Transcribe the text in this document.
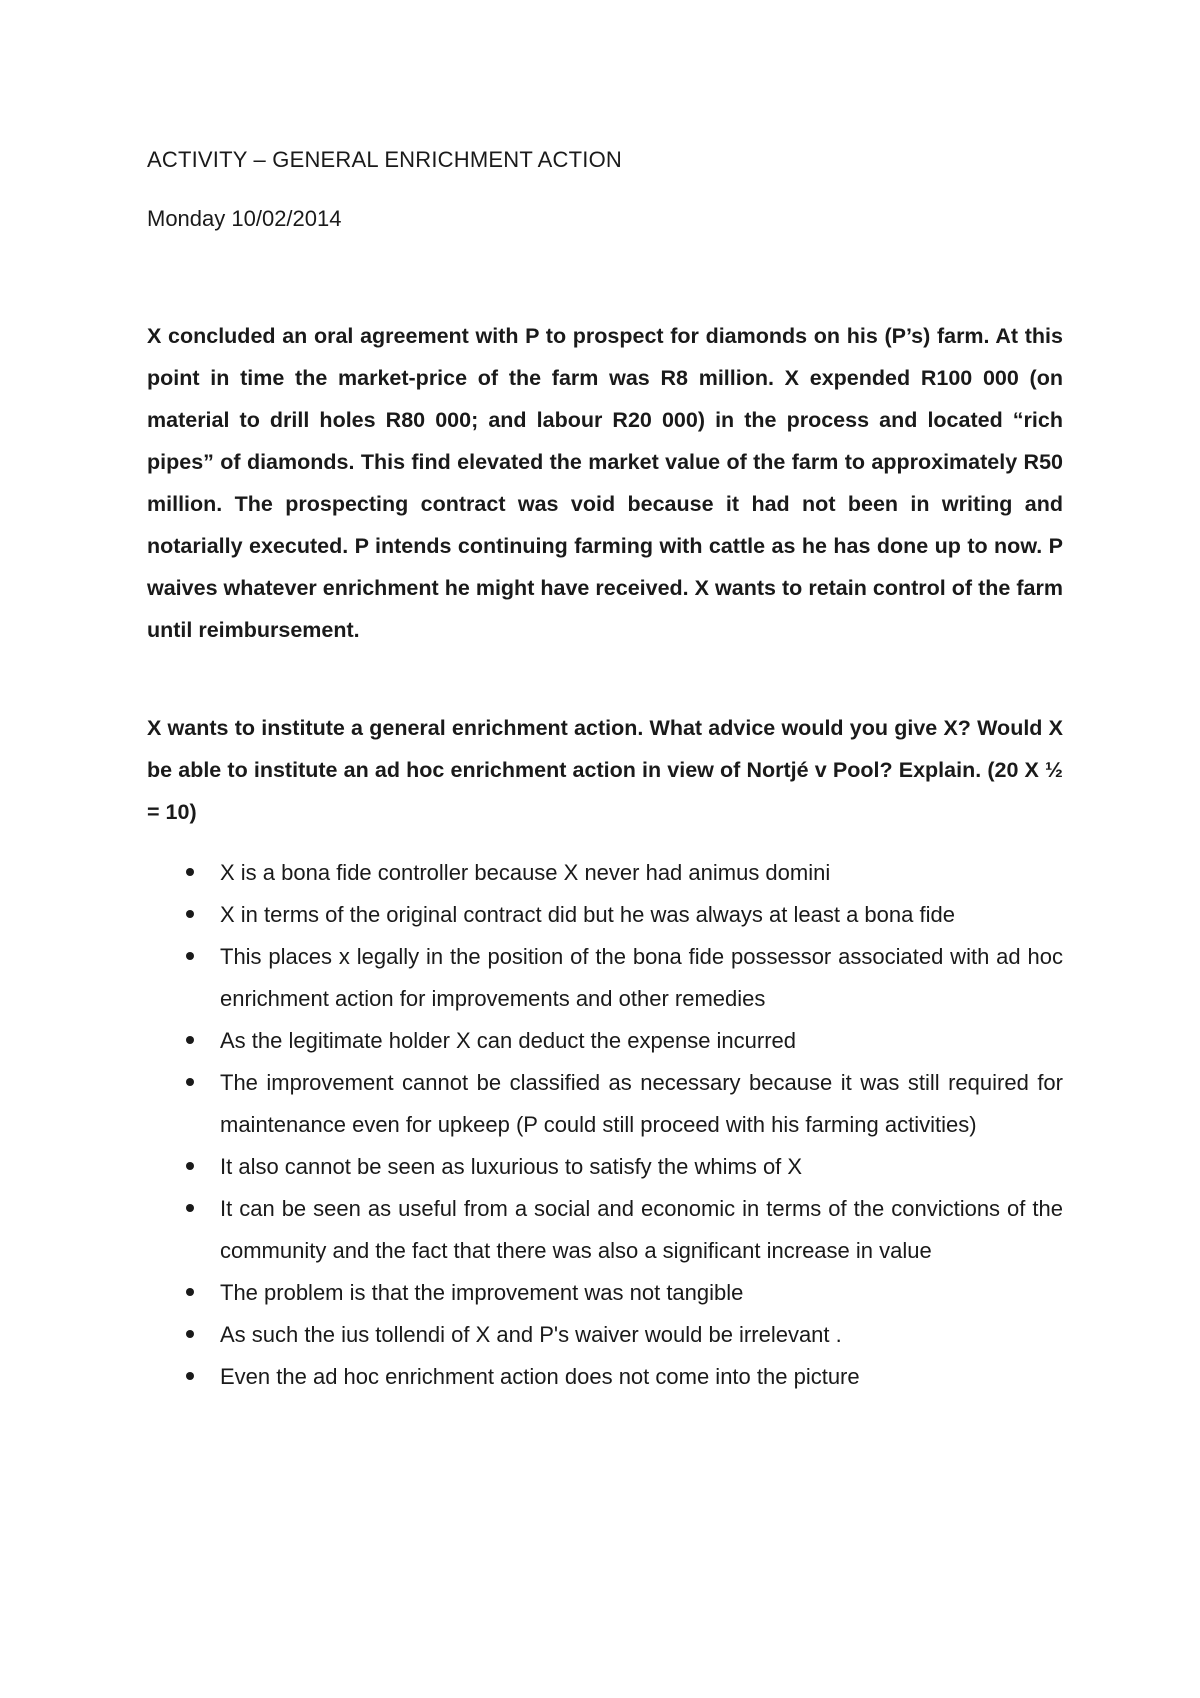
ACTIVITY – GENERAL ENRICHMENT ACTION
Monday 10/02/2014

X concluded an oral agreement with P to prospect for diamonds on his (P’s) farm. At this point in time the market-price of the farm was R8 million. X expended R100 000 (on material to drill holes R80 000; and labour R20 000) in the process and located “rich pipes” of diamonds. This find elevated the market value of the farm to approximately R50 million. The prospecting contract was void because it had not been in writing and notarially executed. P intends continuing farming with cattle as he has done up to now. P waives whatever enrichment he might have received. X wants to retain control of the farm until reimbursement.

X wants to institute a general enrichment action. What advice would you give X? Would X be able to institute an ad hoc enrichment action in view of Nortjé v Pool? Explain. (20 X ½ = 10)

X is a bona fide controller because X never had animus domini
X in terms of the original contract did but he was always at least a bona fide
This places x legally in the position of the bona fide possessor associated with ad hoc enrichment action for improvements and other remedies
As the legitimate holder X can deduct the expense incurred
The improvement cannot be classified as necessary because it was still required for maintenance even for upkeep (P could still proceed with his farming activities)
It also cannot be seen as luxurious to satisfy the whims of X
It can be seen as useful from a social and economic in terms of the convictions of the community and the fact that there was also a significant increase in value
The problem is that the improvement was not tangible
As such the ius tollendi of X and P's waiver would be irrelevant .
Even the ad hoc enrichment action does not come into the picture
